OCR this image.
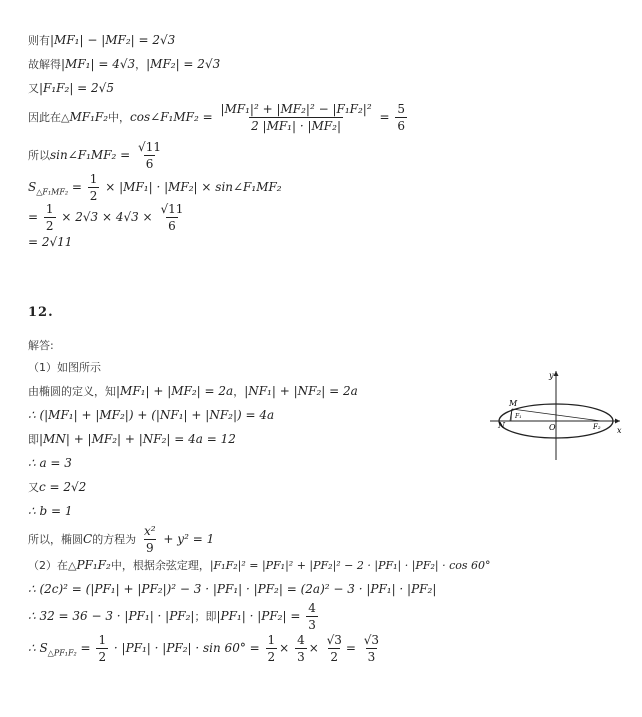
则有|MF₁| − |MF₂| = 2√3
故解得|MF₁| = 4√3，|MF₂| = 2√3
又|F₁F₂| = 2√5
因此在△MF₁F₂中，cos∠F₁MF₂ = $\frac{\text{|MF₁|² + |MF₂|² − |F₁F₂|²}}{\text{2 |MF₁| · |MF₂|}} = \frac{5}{6}$
所以sin∠F₁MF₂ = $\frac{√11}{6}$
$S_{\triangle F_1MF_2} = \frac{1}{2} \times |MF_1| \cdot |MF_2|$ × sin∠F₁MF₂
= $\frac{1}{2} \times 2√3 \times 4√3 \times \frac{√11}{6}$
= 2√11
12.
解答:
（1）如图所示
由椭圆的定义，知|MF₁| + |MF₂| = 2a，|NF₁| + |NF₂| = 2a
∴ (|MF₁| + |MF₂|) + (|NF₁| + |NF₂|) = 4a
即|MN| + |MF₂| + |NF₂| = 4a = 12
∴ a = 3
又c = 2√2
∴ b = 1
所以，椭圆C的方程为 $\frac{\text{x²}}{9} + y^2 = 1$
（2）在△PF₁F₂中，根据余弦定理，|F₁F₂|² = |PF₁|² + |PF₂|² − 2 · |PF₁| · |PF₂| · cos 60°
∴ (2c)² = (|PF₁| + |PF₂|)² − 3 · |PF₁| · |PF₂| = (2a)² − 3 · |PF₁| · |PF₂|
∴ 32 = 36 − 3 · |PF₁| · |PF₂|；即$|PF_1| \cdot |PF_2| = \frac{4}{3}$
∴ $S_{\triangle PF_1F_2} = \frac{1}{2} \cdot |PF_1| \cdot |PF_2| \cdot \sin 60^\circ = \frac{1}{2} \times \frac{4}{3} \times \frac{√3}{2} = \frac{√3}{3}$
y
x
M
N	O
F₁
F₂
